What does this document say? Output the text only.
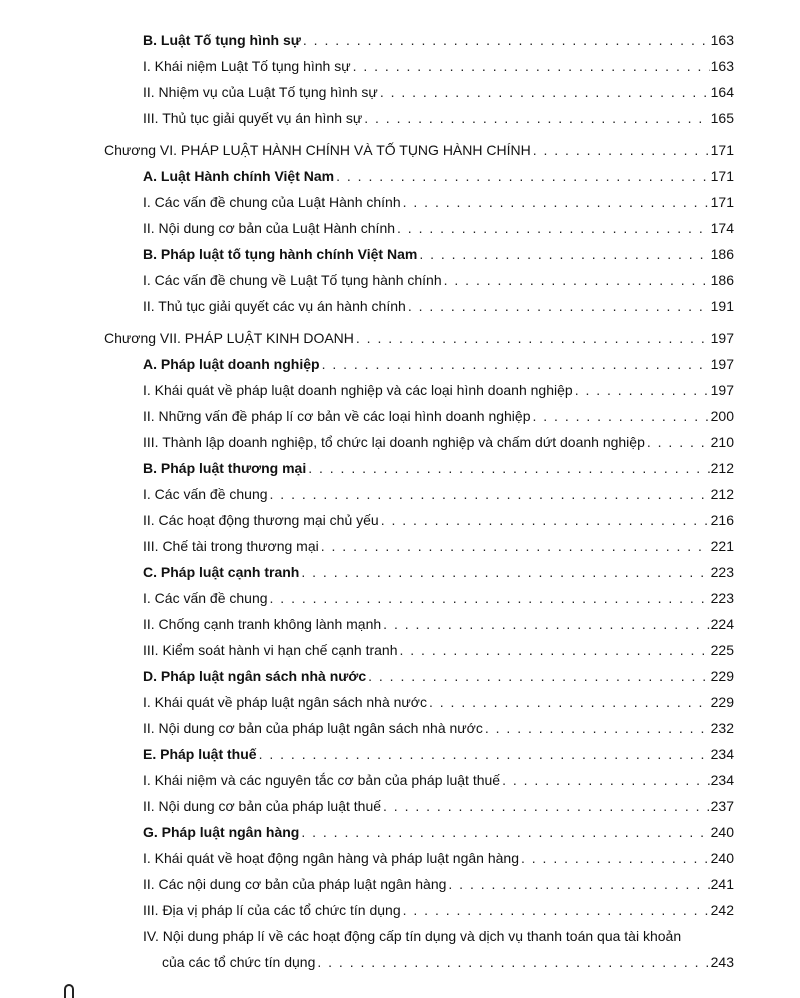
B. Luật Tố tụng hình sự . . .	163
I. Khái niệm Luật Tố tụng hình sự . . .	163
II. Nhiệm vụ của Luật Tố tụng hình sự . . .	164
III. Thủ tục giải quyết vụ án hình sự . . .	165
Chương VI. PHÁP LUẬT HÀNH CHÍNH VÀ TỐ TỤNG HÀNH CHÍNH . . .	171
A. Luật Hành chính Việt Nam . . .	171
I. Các vấn đề chung của Luật Hành chính . . .	171
II. Nội dung cơ bản của Luật Hành chính . . .	174
B. Pháp luật tố tụng hành chính Việt Nam . . .	186
I. Các vấn đề chung về Luật Tố tụng hành chính . . .	186
II. Thủ tục giải quyết các vụ án hành chính . . .	191
Chương VII. PHÁP LUẬT KINH DOANH . . .	197
A. Pháp luật doanh nghiệp . . .	197
I. Khái quát về pháp luật doanh nghiệp và các loại hình doanh nghiệp . . .	197
II. Những vấn đề pháp lí cơ bản về các loại hình doanh nghiệp . . .	200
III. Thành lập doanh nghiệp, tổ chức lại doanh nghiệp và chấm dứt doanh nghiệp . . .	210
B. Pháp luật thương mại . . .	212
I. Các vấn đề chung . . .	212
II. Các hoạt động thương mại chủ yếu . . .	216
III. Chế tài trong thương mại . . .	221
C. Pháp luật cạnh tranh . . .	223
I. Các vấn đề chung . . .	223
II. Chống cạnh tranh không lành mạnh . . .	224
III. Kiểm soát hành vi hạn chế cạnh tranh . . .	225
D. Pháp luật ngân sách nhà nước . . .	229
I. Khái quát về pháp luật ngân sách nhà nước . . .	229
II. Nội dung cơ bản của pháp luật ngân sách nhà nước . . .	232
E. Pháp luật thuế . . .	234
I. Khái niệm và các nguyên tắc cơ bản của pháp luật thuế . . .	234
II. Nội dung cơ bản của pháp luật thuế . . .	237
G. Pháp luật ngân hàng . . .	240
I. Khái quát về hoạt động ngân hàng và pháp luật ngân hàng . . .	240
II. Các nội dung cơ bản của pháp luật ngân hàng . . .	241
III. Địa vị pháp lí của các tổ chức tín dụng . . .	242
IV. Nội dung pháp lí về các hoạt động cấp tín dụng và dịch vụ thanh toán qua tài khoản
của các tổ chức tín dụng . . .	243
